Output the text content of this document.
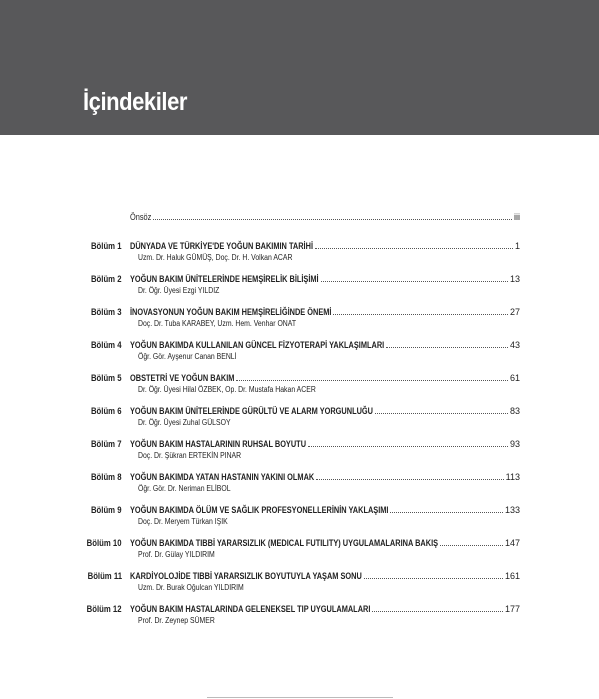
İçindekiler
Önsöz	iii
Bölüm 1 DÜNYADA VE TÜRKİYE'DE YOĞUN BAKIMIN TARİHİ	1
Uzm. Dr. Haluk GÜMÜŞ, Doç. Dr. H. Volkan ACAR
Bölüm 2 YOĞUN BAKIM ÜNİTELERİNDE HEMŞİRELİK BİLİŞİMİ	13
Dr. Öğr. Üyesi Ezgi YILDIZ
Bölüm 3 İNOVASYONUN YOĞUN BAKIM HEMŞİRELİĞİNDE ÖNEMİ	27
Doç. Dr. Tuba KARABEY, Uzm. Hem. Venhar ONAT
Bölüm 4 YOĞUN BAKIMDA KULLANILAN GÜNCEL FİZYOTERAPİ YAKLAŞIMLARI	43
Öğr. Gör. Ayşenur Canan BENLİ
Bölüm 5 OBSTETRİ VE YOĞUN BAKIM	61
Dr. Öğr. Üyesi Hilal ÖZBEK, Op. Dr. Mustafa Hakan ACER
Bölüm 6 YOĞUN BAKIM ÜNİTELERİNDE GÜRÜLTÜ VE ALARM YORGUNLUĞU	83
Dr. Öğr. Üyesi Zuhal GÜLSOY
Bölüm 7 YOĞUN BAKIM HASTALARININ RUHSAL BOYUTU	93
Doç. Dr. Şükran ERTEKİN PINAR
Bölüm 8 YOĞUN BAKIMDA YATAN HASTANIN YAKINI OLMAK	113
Öğr. Gör. Dr. Neriman ELİBOL
Bölüm 9 YOĞUN BAKIMDA ÖLÜM VE SAĞLIK PROFESYONELLERİNİN YAKLAŞIMI	133
Doç. Dr. Meryem Türkan IŞIK
Bölüm 10 YOĞUN BAKIMDA TIBBİ YARARSIZLIK (MEDICAL FUTILITY) UYGULAMALARINA BAKIŞ	147
Prof. Dr. Gülay YILDIRIM
Bölüm 11 KARDİYOLOJİDE TIBBİ YARARSIZLIK BOYUTUYLA YAŞAM SONU	161
Uzm. Dr. Burak Oğulcan YILDIRIM
Bölüm 12 YOĞUN BAKIM HASTALARINDA GELENEKSEL TIP UYGULAMALARI	177
Prof. Dr. Zeynep SÜMER
